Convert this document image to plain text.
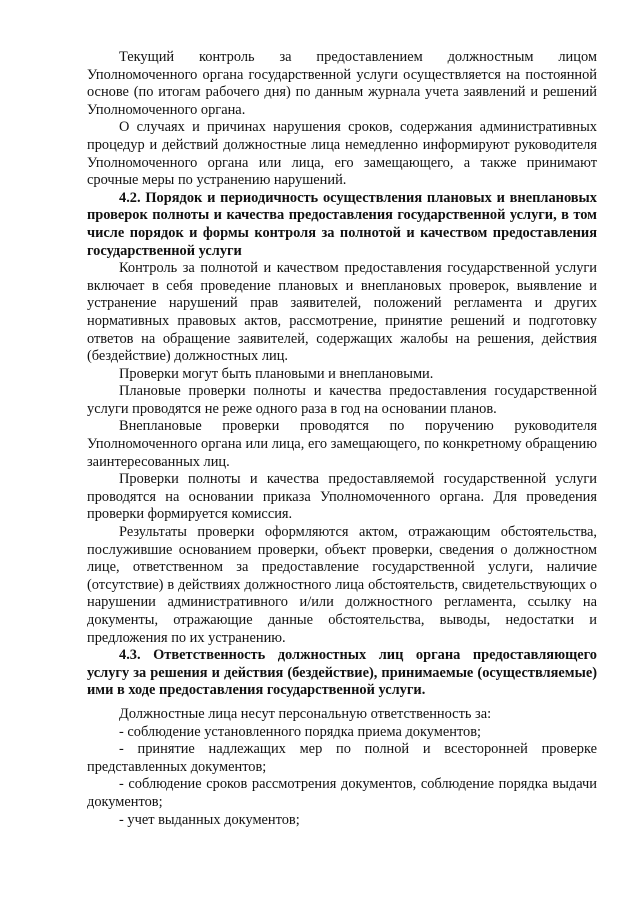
Текущий контроль за предоставлением должностным лицом Уполномоченного органа государственной услуги осуществляется на постоянной основе (по итогам рабочего дня) по данным журнала учета заявлений и решений Уполномоченного органа.

О случаях и причинах нарушения сроков, содержания административных процедур и действий должностные лица немедленно информируют руководителя Уполномоченного органа или лица, его замещающего, а также принимают срочные меры по устранению нарушений.

4.2. Порядок и периодичность осуществления плановых и внеплановых проверок полноты и качества предоставления государственной услуги, в том числе порядок и формы контроля за полнотой и качеством предоставления государственной услуги

Контроль за полнотой и качеством предоставления государственной услуги включает в себя проведение плановых и внеплановых проверок, выявление и устранение нарушений прав заявителей, положений регламента и других нормативных правовых актов, рассмотрение, принятие решений и подготовку ответов на обращение заявителей, содержащих жалобы на решения, действия (бездействие) должностных лиц.

Проверки могут быть плановыми и внеплановыми.

Плановые проверки полноты и качества предоставления государственной услуги проводятся не реже одного раза в год на основании планов.

Внеплановые проверки проводятся по поручению руководителя Уполномоченного органа или лица, его замещающего, по конкретному обращению заинтересованных лиц.

Проверки полноты и качества предоставляемой государственной услуги проводятся на основании приказа Уполномоченного органа. Для проведения проверки формируется комиссия.

Результаты проверки оформляются актом, отражающим обстоятельства, послужившие основанием проверки, объект проверки, сведения о должностном лице, ответственном за предоставление государственной услуги, наличие (отсутствие) в действиях должностного лица обстоятельств, свидетельствующих о нарушении административного и/или должностного регламента, ссылку на документы, отражающие данные обстоятельства, выводы, недостатки и предложения по их устранению.

4.3. Ответственность должностных лиц органа предоставляющего услугу за решения и действия (бездействие), принимаемые (осуществляемые) ими в ходе предоставления государственной услуги.

Должностные лица несут персональную ответственность за:

- соблюдение установленного порядка приема документов;

- принятие надлежащих мер по полной и всесторонней проверке представленных документов;

- соблюдение сроков рассмотрения документов, соблюдение порядка выдачи документов;

- учет выданных документов;
